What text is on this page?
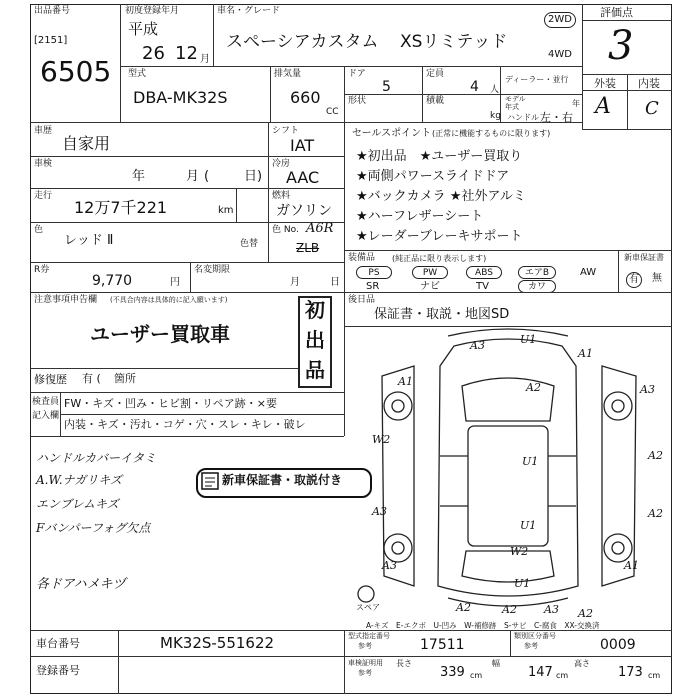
出品番号
[2151]
6505
初度登録年月
平成
26 12 月
車名・グレード
スペーシアカスタム XSリミテッド
2WD
4WD
評価点
3
外装 内装
A C
型式
DBA-MK32S
排気量
660
CC
ドア
5
定員
4 人
ディーラー・並行
形状	積載
kg
モデル
年式	年
ハンドル 左・右
車歴
自家用
車検
年	月 (	日)
走行
12万7千221	km
色
レッド Ⅱ	色替
シフト
IAT
冷房
AAC
燃料
ガソリン
色 No. A6R
ZLB
R券
9,770	円
名変期限
月	日
注意事項申告欄 (不具合内容は具体的に記入願います)
ユーザー買取車
初
出
品
修復歴 有 ( 箇所
検査員
記入欄
FW・キズ・凹み・ヒビ割・リペア跡・×要
内装・キズ・汚れ・コゲ・穴・スレ・キレ・破レ
ハンドルカバーイタミ
A.W.ナガリキズ
エンブレムキズ
Fバンパーフォグ欠点
各ドアハメキヅ
新車保証書・取説付き
セールスポイント (正常に機能するものに限ります)
★初出品　★ユーザー買取り
★両側パワースライドドア
★バックカメラ ★社外アルミ
★ハーフレザーシート
★レーダーブレーキサポート
装備品 (純正品に限り表示します)	新車保証書
PS	PW	ABS	エアB	AW
SR	ナビ	TV	カワ
有	無
後日品
保証書・取説・地図SD
スペア
A3	U1
A1
A3
A2
W2
A1
A2
U1
A3	A2
U1
W2
A3	A1
U1
A2	A2 A3 A2
A-キズ　E-エクボ　U-凹み　W-補修跡　S-サビ　C-腐食　XX-交換済
車台番号	MK32S-551622
登録番号
型式指定番号
参考	17511
類別区分番号
参考	0009
車検証明用
参考
長さ
339 cm
幅
147 cm
高さ
173 cm
